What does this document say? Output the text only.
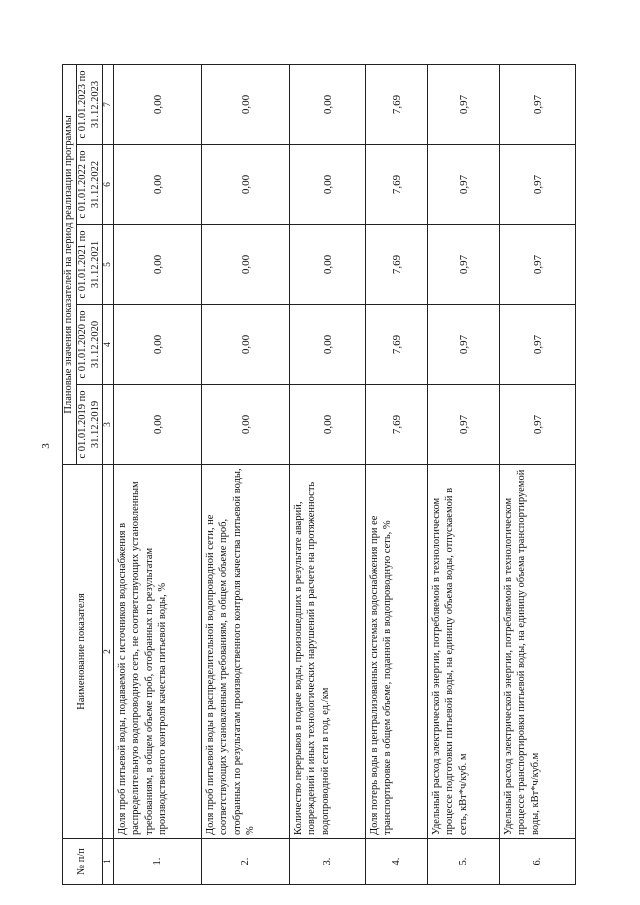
3
№ п/п	Наименование показателя	Плановые значения показателей на период реализации программы				
		с 01.01.2019 по 31.12.2019	с 01.01.2020 по 31.12.2020	с 01.01.2021 по 31.12.2021	с 01.01.2022 по 31.12.2022	с 01.01.2023 по 31.12.2023
1	2	3	4	5	6	7
1.	Доля проб питьевой воды, подаваемой с источников водоснабжения в распределительную водопроводную сеть, не соответствующих установленным требованиям, в общем объеме проб, отобранных по результатам производственного контроля качества питьевой воды, %	0,00	0,00	0,00	0,00	0,00
2.	Доля проб питьевой воды в распределительной водопроводной сети, не соответствующих установленным требованиям, в общем объеме проб, отобранных по результатам производственного контроля качества питьевой воды, %	0,00	0,00	0,00	0,00	0,00
3.	Количество перерывов в подаче воды, произошедших в результате аварий, повреждений и иных технологических нарушений в расчете на протяженность водопроводной сети в год, ед./км	0,00	0,00	0,00	0,00	0,00
4.	Доля потерь воды в централизованных системах водоснабжения при ее транспортировке в общем объеме, поданной в водопроводную сеть, %	7,69	7,69	7,69	7,69	7,69
5.	Удельный расход электрической энергии, потребляемой в технологическом процессе подготовки питьевой воды, на единицу объема воды, отпускаемой в сеть, кВт*ч/куб. м	0,97	0,97	0,97	0,97	0,97
6.	Удельный расход электрической энергии, потребляемой в технологическом процессе транспортировки питьевой воды, на единицу объема транспортируемой воды, кВт*ч/куб.м	0,97	0,97	0,97	0,97	0,97
